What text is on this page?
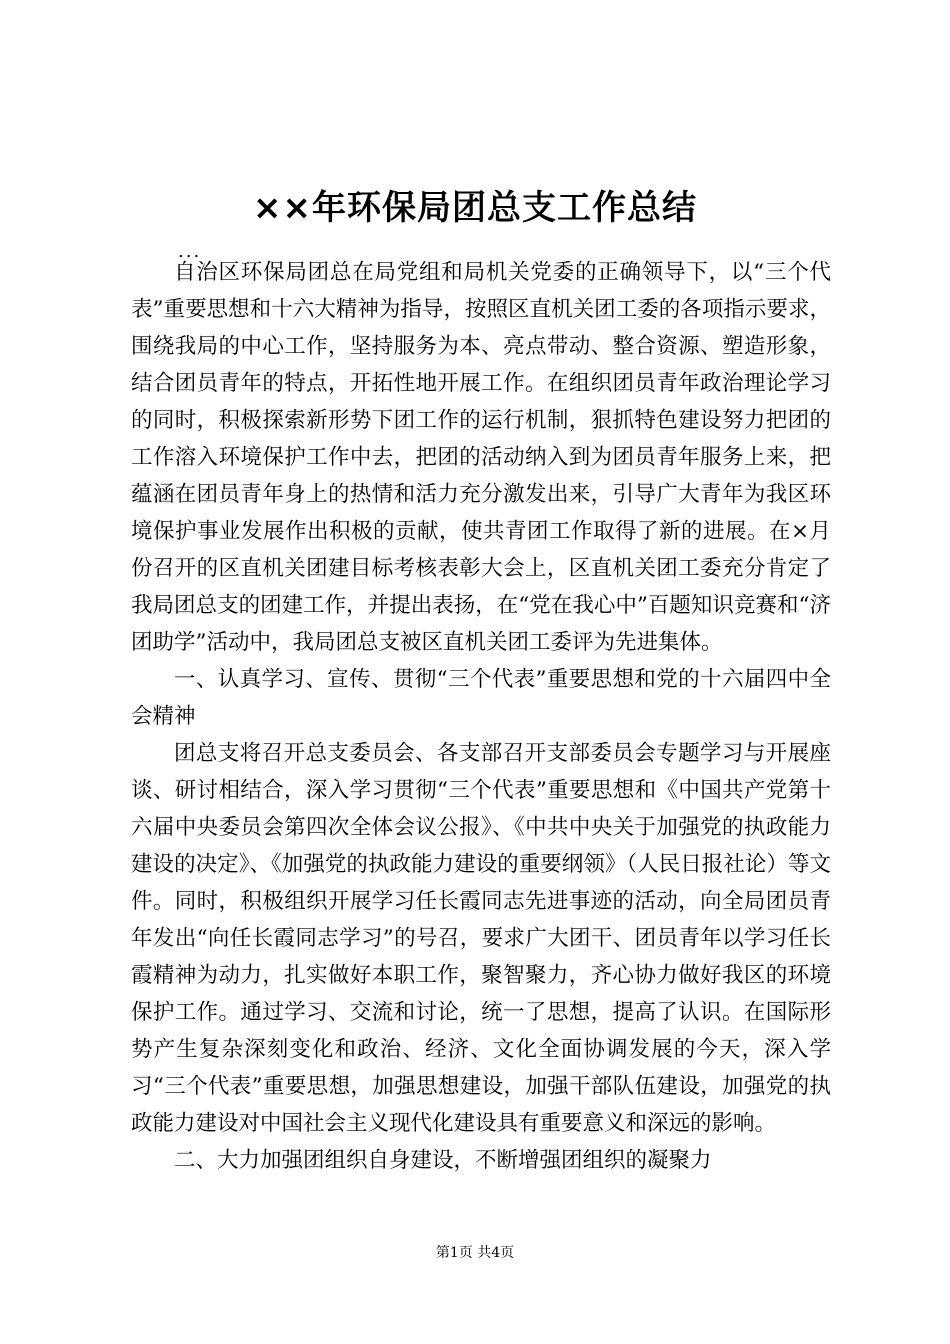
××年环保局团总支工作总结
...

自治区环保局团总在局党组和局机关党委的正确领导下，以“三个代表”重要思想和十六大精神为指导，按照区直机关团工委的各项指示要求，围绕我局的中心工作，坚持服务为本、亮点带动、整合资源、塑造形象，结合团员青年的特点，开拓性地开展工作。在组织团员青年政治理论学习的同时，积极探索新形势下团工作的运行机制，狠抓特色建设努力把团的工作溶入环境保护工作中去，把团的活动纳入到为团员青年服务上来，把蕴涵在团员青年身上的热情和活力充分激发出来，引导广大青年为我区环境保护事业发展作出积极的贡献，使共青团工作取得了新的进展。在×月份召开的区直机关团建目标考核表彰大会上，区直机关团工委充分肯定了我局团总支的团建工作，并提出表扬，在“党在我心中”百题知识竞赛和“济团助学”活动中，我局团总支被区直机关团工委评为先进集体。

一、认真学习、宣传、贯彻“三个代表”重要思想和党的十六届四中全会精神

团总支将召开总支委员会、各支部召开支部委员会专题学习与开展座谈、研讨相结合，深入学习贯彻“三个代表”重要思想和《中国共产党第十六届中央委员会第四次全体会议公报》、《中共中央关于加强党的执政能力建设的决定》、《加强党的执政能力建设的重要纲领》（人民日报社论）等文件。同时，积极组织开展学习任长霞同志先进事迹的活动，向全局团员青年发出“向任长霞同志学习”的号召，要求广大团干、团员青年以学习任长霞精神为动力，扎实做好本职工作，聚智聚力，齐心协力做好我区的环境保护工作。通过学习、交流和讨论，统一了思想，提高了认识。在国际形势产生复杂深刻变化和政治、经济、文化全面协调发展的今天，深入学习“三个代表”重要思想，加强思想建设，加强干部队伍建设，加强党的执政能力建设对中国社会主义现代化建设具有重要意义和深远的影响。

二、大力加强团组织自身建设，不断增强团组织的凝聚力

第1页 共4页
